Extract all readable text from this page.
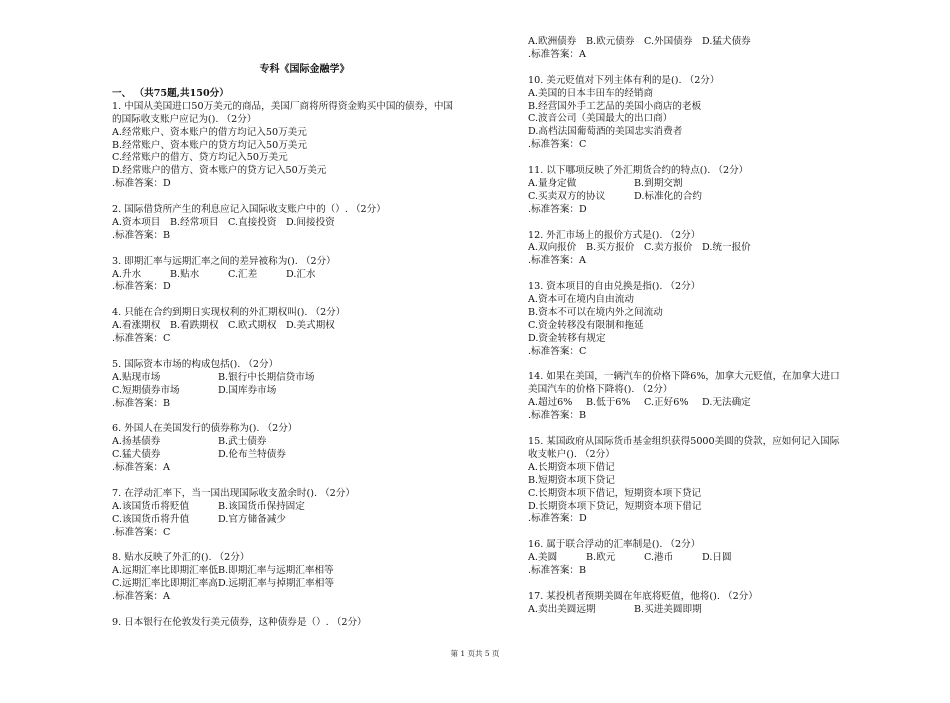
专科《国际金融学》
一、 （共75题,共150分）
1. 中国从美国进口50万美元的商品，美国厂商将所得资金购买中国的债券，中国
的国际收支账户应记为(). （2分）
A.经常账户、资本账户的借方均记入50万美元
B.经常账户、资本账户的贷方均记入50万美元
C.经常账户的借方、贷方均记入50万美元
D.经常账户的借方、资本账户的贷方记入50万美元
.标准答案：D
2. 国际借贷所产生的利息应记入国际收支账户中的（）. （2分）
A.资本项目	B.经常项目 C.直接投资 D.间接投资
.标准答案：B
3. 即期汇率与远期汇率之间的差异被称为(). （2分）
A.升水	B.贴水	C.汇差	D.汇水
.标准答案：D
4. 只能在合约到期日实现权利的外汇期权叫(). （2分）
A.看涨期权	B.看跌期权 C.欧式期权 D.美式期权
.标准答案：C
5. 国际资本市场的构成包括(). （2分）
A.贴现市场	B.银行中长期信贷市场
C.短期债券市场	D.国库券市场
.标准答案：B
6. 外国人在美国发行的债券称为(). （2分）
A.扬基债券	B.武士债券
C.猛犬债券	D.伦布兰特债券
.标准答案：A
7. 在浮动汇率下，当一国出现国际收支盈余时(). （2分）
A.该国货币将贬值	B.该国货币保持固定
C.该国货币将升值	D.官方储备减少
.标准答案：C
8. 贴水反映了外汇的(). （2分）
A.远期汇率比即期汇率低 B.即期汇率与远期汇率相等
C.远期汇率比即期汇率高 D.远期汇率与掉期汇率相等
.标准答案：A
9. 日本银行在伦敦发行美元债券，这种债券是（）. （2分）
A.欧洲债券	B.欧元债券 C.外国债券 D.猛犬债券
.标准答案：A
10. 美元贬值对下列主体有利的是(). （2分）
A.美国的日本丰田车的经销商
B.经营国外手工艺品的美国小商店的老板
C.波音公司（美国最大的出口商）
D.高档法国葡萄酒的美国忠实消费者
.标准答案：C
11. 以下哪项反映了外汇期货合约的特点(). （2分）
A.量身定做	B.到期交割
C.买卖双方的协议	D.标准化的合约
.标准答案：D
12. 外汇市场上的报价方式是(). （2分）
A.双向报价	B.买方报价 C.卖方报价 D.统一报价
.标准答案：A
13. 资本项目的自由兑换是指(). （2分）
A.资本可在境内自由流动
B.资本不可以在境内外之间流动
C.资金转移没有限制和拖延
D.资金转移有规定
.标准答案：C
14. 如果在美国，一辆汽车的价格下降6%，加拿大元贬值，在加拿大进口
美国汽车的价格下降将(). （2分）
A.超过6%	B.低于6%	C.正好6%	D.无法确定
.标准答案：B
15. 某国政府从国际货币基金组织获得5000美圆的贷款，应如何记入国际
收支帐户(). （2分）
A.长期资本项下借记
B.短期资本项下贷记
C.长期资本项下借记，短期资本项下贷记
D.长期资本项下贷记，短期资本项下借记
.标准答案：D
16. 属于联合浮动的汇率制是(). （2分）
A.美圆	B.欧元	C.港币	D.日圆
.标准答案：B
17. 某投机者预期美圆在年底将贬值，他将(). （2分）
A.卖出美圆远期	B.买进美圆即期
第 1 页共 5 页
